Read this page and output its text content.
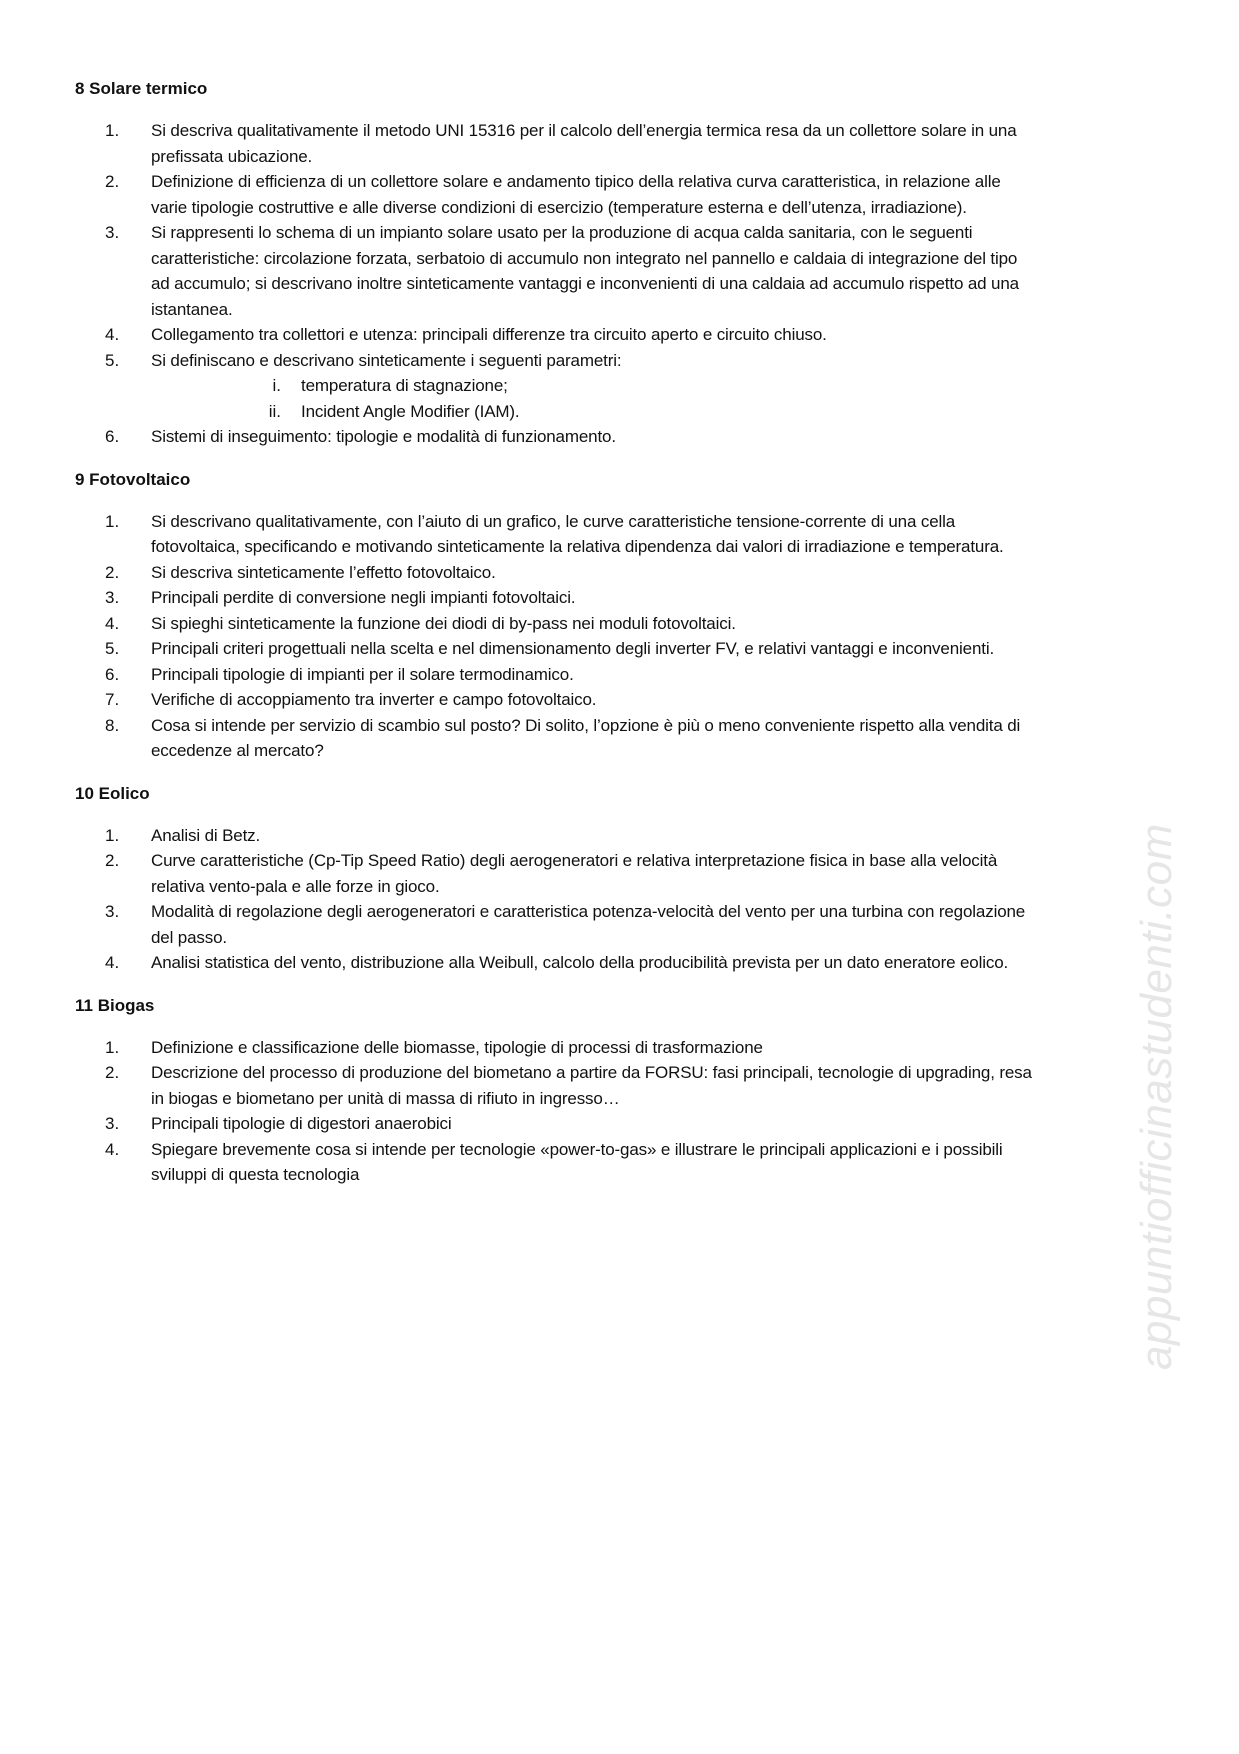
8 Solare termico
1.	Si descriva qualitativamente il metodo UNI 15316 per il calcolo dell’energia termica resa da un collettore solare in una
prefissata ubicazione.
2.	Definizione di efficienza di un collettore solare e andamento tipico della relativa curva caratteristica, in relazione alle
varie tipologie costruttive e alle diverse condizioni di esercizio (temperature esterna e dell’utenza, irradiazione).
3.	Si rappresenti lo schema di un impianto solare usato per la produzione di acqua calda sanitaria, con le seguenti
caratteristiche: circolazione forzata, serbatoio di accumulo non integrato nel pannello e caldaia di integrazione del tipo
ad accumulo; si descrivano inoltre sinteticamente vantaggi e inconvenienti di una caldaia ad accumulo rispetto ad una
istantanea.
4.	Collegamento tra collettori e utenza: principali differenze tra circuito aperto e circuito chiuso.
5.	Si definiscano e descrivano sinteticamente i seguenti parametri:
i. temperatura di stagnazione;
ii. Incident Angle Modifier (IAM).
6.	Sistemi di inseguimento: tipologie e modalità di funzionamento.
9 Fotovoltaico
1.	Si descrivano qualitativamente, con l’aiuto di un grafico, le curve caratteristiche tensione-corrente di una cella
fotovoltaica, specificando e motivando sinteticamente la relativa dipendenza dai valori di irradiazione e temperatura.
2.	Si descriva sinteticamente l’effetto fotovoltaico.
3.	Principali perdite di conversione negli impianti fotovoltaici.
4.	Si spieghi sinteticamente la funzione dei diodi di by-pass nei moduli fotovoltaici.
5.	Principali criteri progettuali nella scelta e nel dimensionamento degli inverter FV, e relativi vantaggi e inconvenienti.
6.	Principali tipologie di impianti per il solare termodinamico.
7.	Verifiche di accoppiamento tra inverter e campo fotovoltaico.
8.	Cosa si intende per servizio di scambio sul posto? Di solito, l’opzione è più o meno conveniente rispetto alla vendita di
eccedenze al mercato?
10 Eolico
1.	Analisi di Betz.
2.	Curve caratteristiche (Cp-Tip Speed Ratio) degli aerogeneratori e relativa interpretazione fisica in base alla velocità
relativa vento-pala e alle forze in gioco.
3.	Modalità di regolazione degli aerogeneratori e caratteristica potenza-velocità del vento per una turbina con regolazione
del passo.
4.	Analisi statistica del vento, distribuzione alla Weibull, calcolo della producibilità prevista per un dato eneratore eolico.
11 Biogas
1.	Definizione e classificazione delle biomasse, tipologie di processi di trasformazione
2.	Descrizione del processo di produzione del biometano a partire da FORSU: fasi principali, tecnologie di upgrading, resa
in biogas e biometano per unità di massa di rifiuto in ingresso…
3.	Principali tipologie di digestori anaerobici
4.	Spiegare brevemente cosa si intende per tecnologie «power-to-gas» e illustrare le principali applicazioni e i possibili
sviluppi di questa tecnologia	appuntiofficinastudenti.com
